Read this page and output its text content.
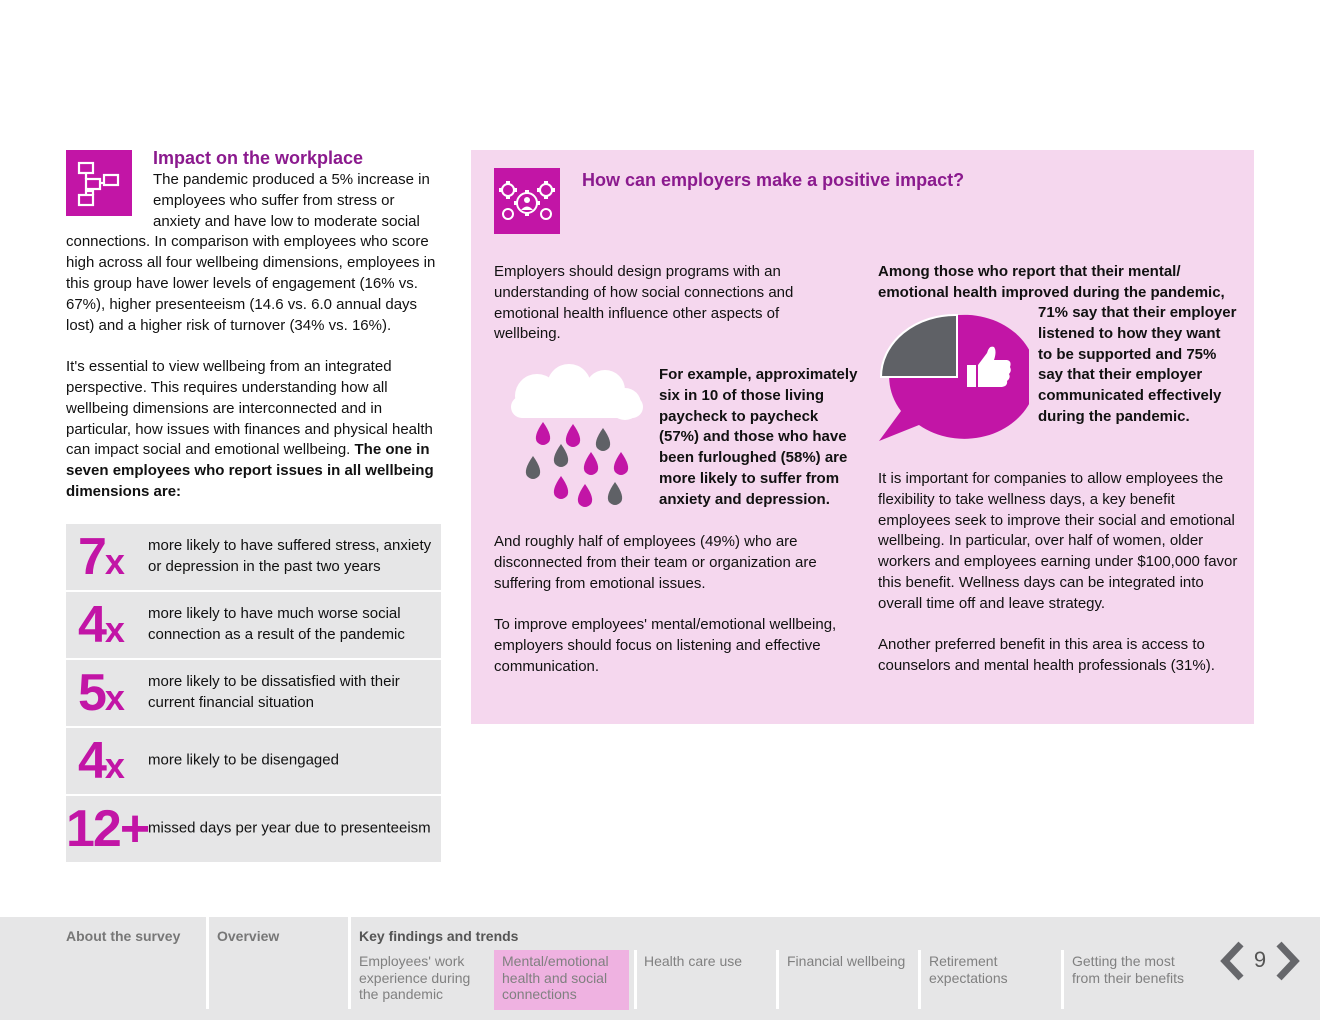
Impact on the workplace

The pandemic produced a 5% increase in employees who suffer from stress or anxiety and have low to moderate social connections. In comparison with employees who score high across all four wellbeing dimensions, employees in this group have lower levels of engagement (16% vs. 67%), higher presenteeism (14.6 vs. 6.0 annual days lost) and a higher risk of turnover (34% vs. 16%).

It's essential to view wellbeing from an integrated perspective. This requires understanding how all wellbeing dimensions are interconnected and in particular, how issues with finances and physical health can impact social and emotional wellbeing. The one in seven employees who report issues in all wellbeing dimensions are:

7x more likely to have suffered stress, anxiety or depression in the past two years
4x more likely to have much worse social connection as a result of the pandemic
5x more likely to be dissatisfied with their current financial situation
4x more likely to be disengaged
12+ missed days per year due to presenteeism
How can employers make a positive impact?
Employers should design programs with an understanding of how social connections and emotional health influence other aspects of wellbeing.
For example, approximately six in 10 of those living paycheck to paycheck (57%) and those who have been furloughed (58%) are more likely to suffer from anxiety and depression.

And roughly half of employees (49%) who are disconnected from their team or organization are suffering from emotional issues.

To improve employees' mental/emotional wellbeing, employers should focus on listening and effective communication.

Among those who report that their mental/ emotional health improved during the pandemic,
71% say that their employer listened to how they want to be supported and 75% say that their employer communicated effectively during the pandemic.

It is important for companies to allow employees the flexibility to take wellness days, a key benefit employees seek to improve their social and emotional wellbeing. In particular, over half of women, older workers and employees earning under $100,000 favor this benefit. Wellness days can be integrated into overall time off and leave strategy.

Another preferred benefit in this area is access to counselors and mental health professionals (31%).

About the survey	Overview	Key findings and trends
Employees' work experience during the pandemic
Mental/emotional health and social connections
Health care use	Financial wellbeing	Retirement expectations
Getting the most from their benefits
9
